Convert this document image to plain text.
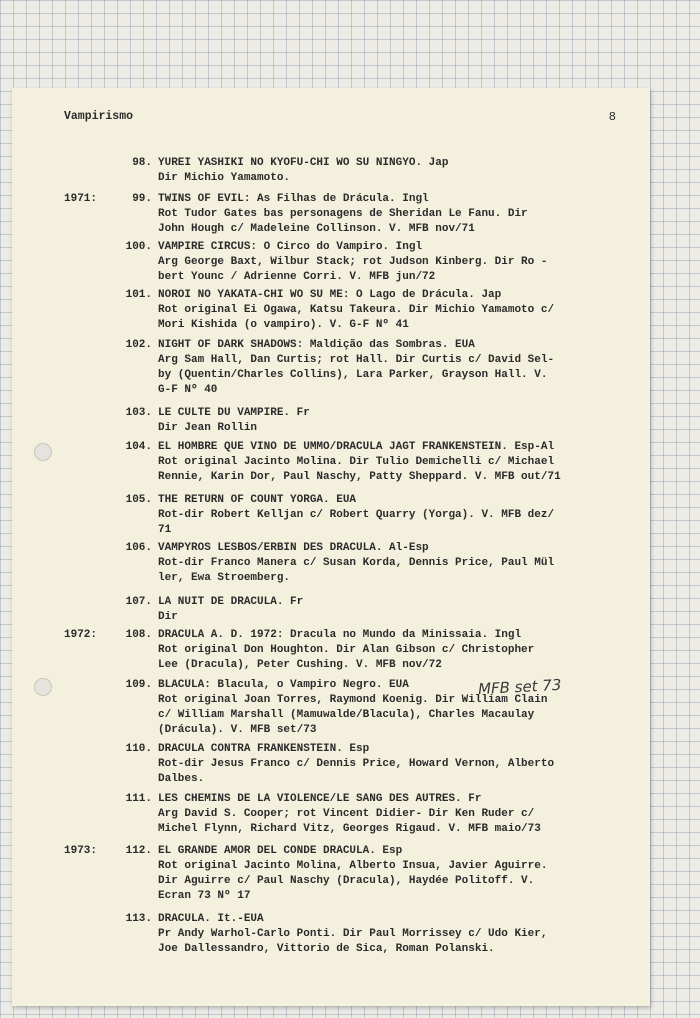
Vampirismo	8
98. YUREI YASHIKI NO KYOFU-CHI WO SU NINGYO. Jap
Dir Michio Yamamoto.
1971:	99. TWINS OF EVIL: As Filhas de Drácula. Ingl
Rot Tudor Gates bas personagens de Sheridan Le Fanu. Dir
John Hough c/ Madeleine Collinson. V. MFB nov/71
100. VAMPIRE CIRCUS: O Circo do Vampiro. Ingl
Arg George Baxt, Wilbur Stack; rot Judson Kinberg. Dir Ro -
bert Younc / Adrienne Corri. V. MFB jun/72
101. NOROI NO YAKATA-CHI WO SU ME: O Lago de Drácula. Jap
Rot original Ei Ogawa, Katsu Takeura. Dir Michio Yamamoto c/
Mori Kishida (o vampiro). V. G-F Nº 41
102. NIGHT OF DARK SHADOWS: Maldição das Sombras. EUA
Arg Sam Hall, Dan Curtis; rot Hall. Dir Curtis c/ David Sel-
by (Quentin/Charles Collins), Lara Parker, Grayson Hall. V.
G-F Nº 40
103. LE CULTE DU VAMPIRE. Fr
Dir Jean Rollin
104. EL HOMBRE QUE VINO DE UMMO/DRACULA JAGT FRANKENSTEIN. Esp-Al
Rot original Jacinto Molina. Dir Tulio Demichelli c/ Michael
Rennie, Karin Dor, Paul Naschy, Patty Sheppard. V. MFB out/71
105. THE RETURN OF COUNT YORGA. EUA
Rot-dir Robert Kelljan c/ Robert Quarry (Yorga). V. MFB dez/
71
106. VAMPYROS LESBOS/ERBIN DES DRACULA. Al-Esp
Rot-dir Franco Manera c/ Susan Korda, Dennis Price, Paul Mül
ler, Ewa Stroemberg.
107. LA NUIT DE DRACULA. Fr
Dir
1972:	108. DRACULA A. D. 1972: Dracula no Mundo da Minissaia. Ingl
Rot original Don Houghton. Dir Alan Gibson c/ Christopher
Lee (Dracula), Peter Cushing. V. MFB nov/72
109. BLACULA: Blacula, o Vampiro Negro. EUA
Rot original Joan Torres, Raymond Koenig. Dir William Clain
c/ William Marshall (Mamuwalde/Blacula), Charles Macaulay
(Drácula). V. MFB set/73
110. DRACULA CONTRA FRANKENSTEIN. Esp
Rot-dir Jesus Franco c/ Dennis Price, Howard Vernon, Alberto
Dalbes.
111. LES CHEMINS DE LA VIOLENCE/LE SANG DES AUTRES. Fr
Arg David S. Cooper; rot Vincent Didier- Dir Ken Ruder c/
Michel Flynn, Richard Vitz, Georges Rigaud. V. MFB maio/73
1973:	112. EL GRANDE AMOR DEL CONDE DRACULA. Esp
Rot original Jacinto Molina, Alberto Insua, Javier Aguirre.
Dir Aguirre c/ Paul Naschy (Dracula), Haydée Politoff. V.
Ecran 73 Nº 17
113. DRACULA. It.-EUA
Pr Andy Warhol-Carlo Ponti. Dir Paul Morrissey c/ Udo Kier,
Joe Dallessandro, Vittorio de Sica, Roman Polanski.
MFB set 73
